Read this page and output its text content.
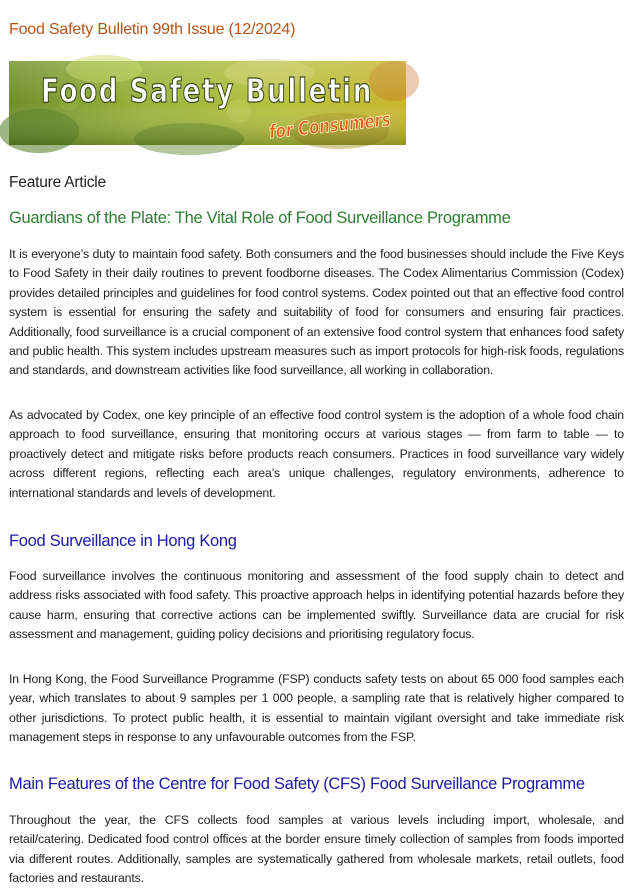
Food Safety Bulletin 99th Issue (12/2024)
Food Safety Bulletin
for Consumers
Feature Article
Guardians of the Plate: The Vital Role of Food Surveillance Programme

It is everyone’s duty to maintain food safety. Both consumers and the food businesses should include the Five Keys to Food Safety in their daily routines to prevent foodborne diseases. The Codex Alimentarius Commission (Codex) provides detailed principles and guidelines for food control systems. Codex pointed out that an effective food control system is essential for ensuring the safety and suitability of food for consumers and ensuring fair practices. Additionally, food surveillance is a crucial component of an extensive food control system that enhances food safety and public health. This system includes upstream measures such as import protocols for high-risk foods, regulations and standards, and downstream activities like food surveillance, all working in collaboration.

As advocated by Codex, one key principle of an effective food control system is the adoption of a whole food chain approach to food surveillance, ensuring that monitoring occurs at various stages — from farm to table — to proactively detect and mitigate risks before products reach consumers. Practices in food surveillance vary widely across different regions, reflecting each area’s unique challenges, regulatory environments, adherence to international standards and levels of development.

Food Surveillance in Hong Kong

Food surveillance involves the continuous monitoring and assessment of the food supply chain to detect and address risks associated with food safety. This proactive approach helps in identifying potential hazards before they cause harm, ensuring that corrective actions can be implemented swiftly. Surveillance data are crucial for risk assessment and management, guiding policy decisions and prioritising regulatory focus.

In Hong Kong, the Food Surveillance Programme (FSP) conducts safety tests on about 65 000 food samples each year, which translates to about 9 samples per 1 000 people, a sampling rate that is relatively higher compared to other jurisdictions. To protect public health, it is essential to maintain vigilant oversight and take immediate risk management steps in response to any unfavourable outcomes from the FSP.

Main Features of the Centre for Food Safety (CFS) Food Surveillance Programme

Throughout the year, the CFS collects food samples at various levels including import, wholesale, and retail/catering. Dedicated food control offices at the border ensure timely collection of samples from foods imported via different routes. Additionally, samples are systematically gathered from wholesale markets, retail outlets, food factories and restaurants.
